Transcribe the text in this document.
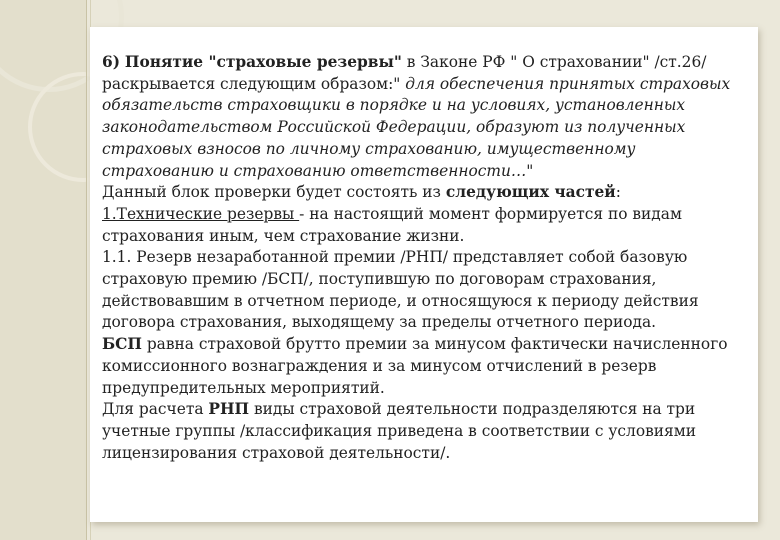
6) Понятие "страховые резервы" в Законе РФ " О страховании" /ст.26/ раскрывается следующим образом:" для обеспечения принятых страховых обязательств страховщики в порядке и на условиях, установленных законодательством Российской Федерации, образуют из полученных страховых взносов по личному страхованию, имущественному страхованию и страхованию ответственности…"

Данный блок проверки будет состоять из следующих частей:

1.Технические резервы - на настоящий момент формируется по видам страхования иным, чем страхование жизни.

1.1. Резерв незаработанной премии /РНП/ представляет собой базовую страховую премию /БСП/, поступившую по договорам страхования, действовавшим в отчетном периоде, и относящуюся к периоду действия договора страхования, выходящему за пределы отчетного периода.

БСП равна страховой брутто премии за минусом фактически начисленного комиссионного вознаграждения и за минусом отчислений в резерв предупредительных мероприятий.

Для расчета РНП виды страховой деятельности подразделяются на три учетные группы /классификация приведена в соответствии с условиями лицензирования страховой деятельности/.
